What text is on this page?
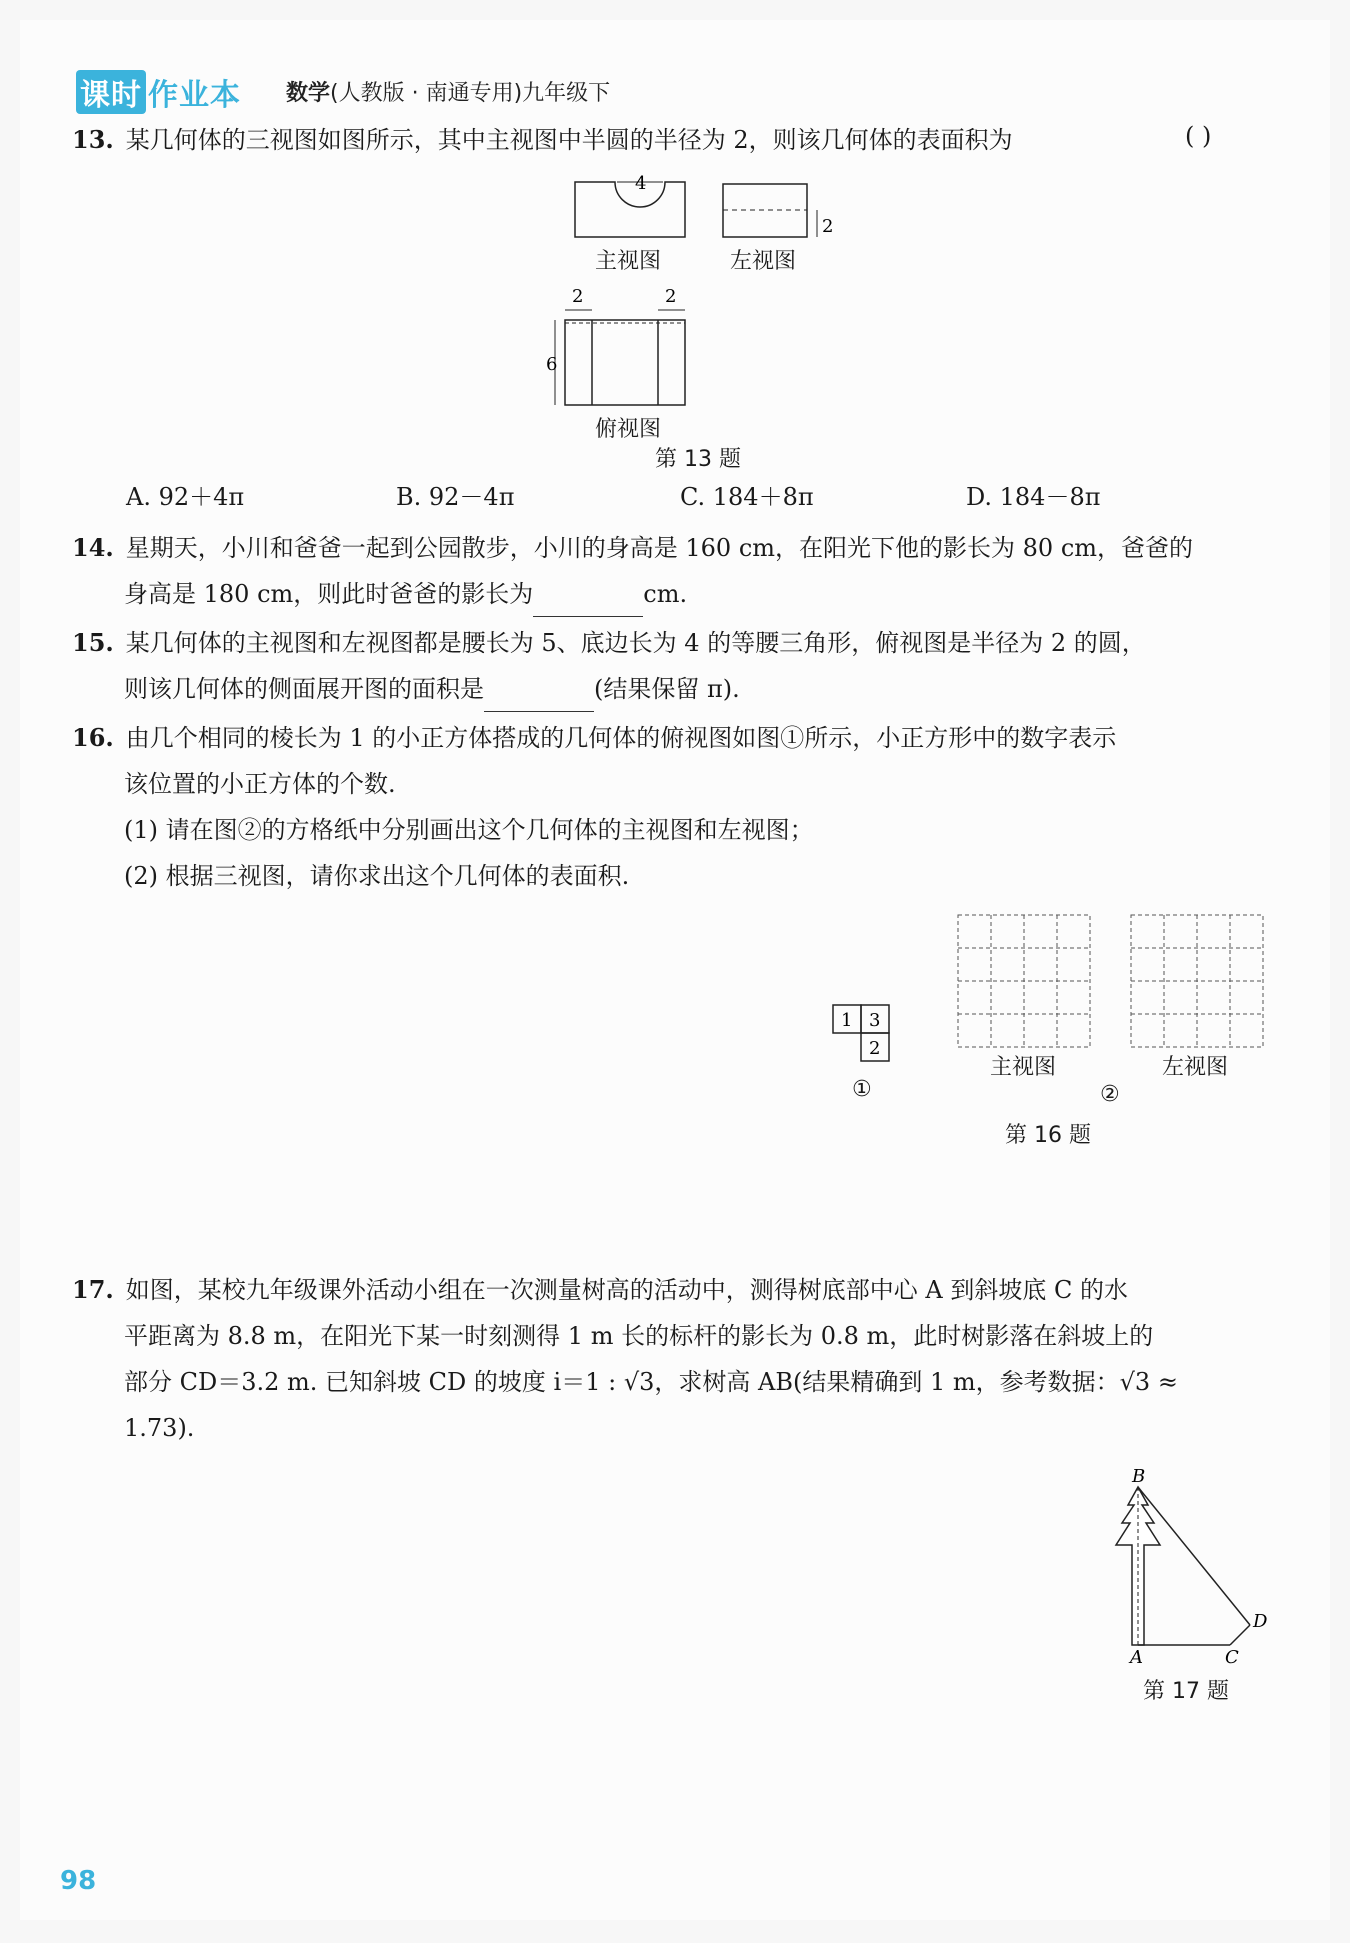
课时 作业本 数学(人教版 · 南通专用)九年级下
13. 某几何体的三视图如图所示，其中主视图中半圆的半径为 2，则该几何体的表面积为	( )
4
2
2	2
6
主视图	左视图
俯视图
第 13 题
A. 92＋4π	B. 92－4π	C. 184＋8π	D. 184－8π
14. 星期天，小川和爸爸一起到公园散步，小川的身高是 160 cm，在阳光下他的影长为 80 cm，爸爸的
身高是 180 cm，则此时爸爸的影长为	cm.
15. 某几何体的主视图和左视图都是腰长为 5、底边长为 4 的等腰三角形，俯视图是半径为 2 的圆，
则该几何体的侧面展开图的面积是	(结果保留 π).
16. 由几个相同的棱长为 1 的小正方体搭成的几何体的俯视图如图①所示，小正方形中的数字表示
该位置的小正方体的个数.
(1) 请在图②的方格纸中分别画出这个几何体的主视图和左视图；
(2) 根据三视图，请你求出这个几何体的表面积.
1 3
2
①
主视图	左视图
②
第 16 题
17. 如图，某校九年级课外活动小组在一次测量树高的活动中，测得树底部中心 A 到斜坡底 C 的水
平距离为 8.8 m，在阳光下某一时刻测得 1 m 长的标杆的影长为 0.8 m，此时树影落在斜坡上的
部分 CD＝3.2 m. 已知斜坡 CD 的坡度 i＝1 : √3，求树高 AB(结果精确到 1 m，参考数据：√3 ≈
1.73).
B
A	C
D
第 17 题
98
